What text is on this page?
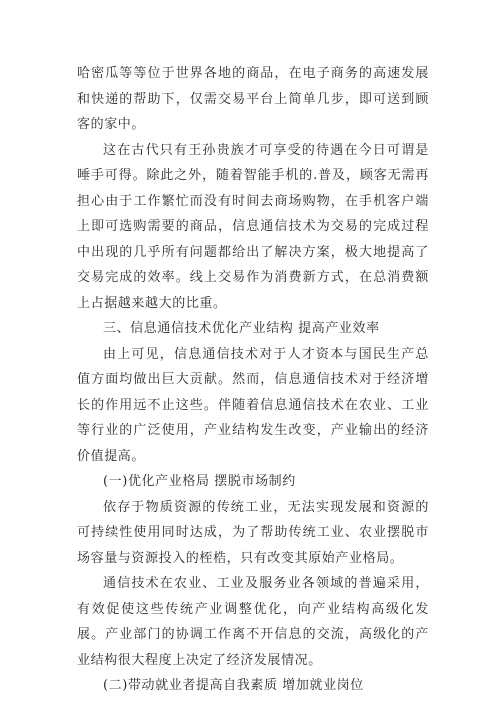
哈密瓜等等位于世界各地的商品，在电子商务的高速发展和快递的帮助下，仅需交易平台上简单几步，即可送到顾客的家中。

这在古代只有王孙贵族才可享受的待遇在今日可谓是唾手可得。除此之外，随着智能手机的.普及，顾客无需再担心由于工作繁忙而没有时间去商场购物，在手机客户端上即可选购需要的商品，信息通信技术为交易的完成过程中出现的几乎所有问题都给出了解决方案，极大地提高了交易完成的效率。线上交易作为消费新方式，在总消费额上占据越来越大的比重。

三、信息通信技术优化产业结构 提高产业效率

由上可见，信息通信技术对于人才资本与国民生产总值方面均做出巨大贡献。然而，信息通信技术对于经济增长的作用远不止这些。伴随着信息通信技术在农业、工业等行业的广泛使用，产业结构发生改变，产业输出的经济价值提高。

(一)优化产业格局 摆脱市场制约

依存于物质资源的传统工业，无法实现发展和资源的可持续性使用同时达成，为了帮助传统工业、农业摆脱市场容量与资源投入的桎梏，只有改变其原始产业格局。

通信技术在农业、工业及服务业各领域的普遍采用，有效促使这些传统产业调整优化，向产业结构高级化发展。产业部门的协调工作离不开信息的交流，高级化的产业结构很大程度上决定了经济发展情况。

(二)带动就业者提高自我素质 增加就业岗位
